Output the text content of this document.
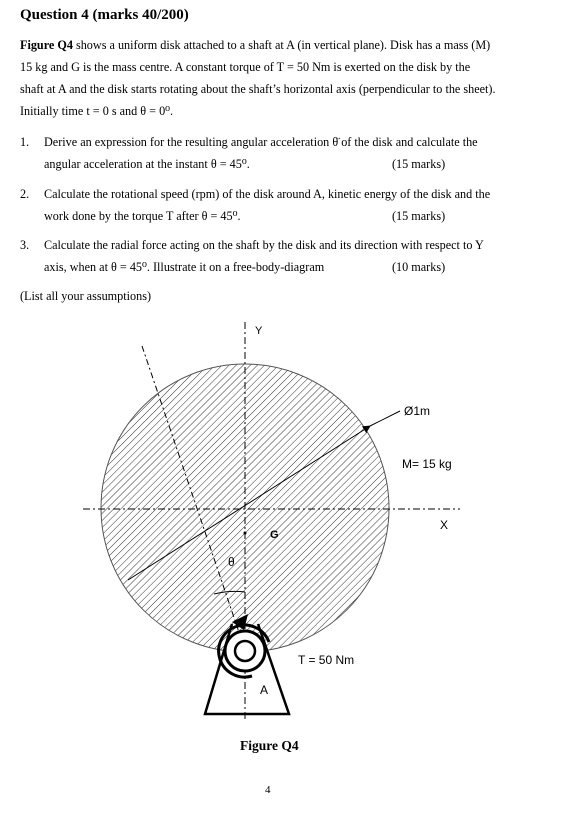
Question 4 (marks 40/200)
Figure Q4 shows a uniform disk attached to a shaft at A (in vertical plane). Disk has a mass (M)
15 kg and G is the mass centre. A constant torque of T = 50 Nm is exerted on the disk by the
shaft at A and the disk starts rotating about the shaft’s horizontal axis (perpendicular to the sheet).
Initially time t = 0 s and θ = 0⁰.
1. Derive an expression for the resulting angular acceleration θ̈ of the disk and calculate the
angular acceleration at the instant θ = 45⁰.	(15 marks)
2. Calculate the rotational speed (rpm) of the disk around A, kinetic energy of the disk and the
work done by the torque T after θ = 45⁰.	(15 marks)
3. Calculate the radial force acting on the shaft by the disk and its direction with respect to Y
axis, when at θ = 45⁰. Illustrate it on a free-body-diagram	(10 marks)
(List all your assumptions)
Y
X
Ø1m
M= 15 kg
G
θ
T = 50 Nm
A
Figure Q4
4
